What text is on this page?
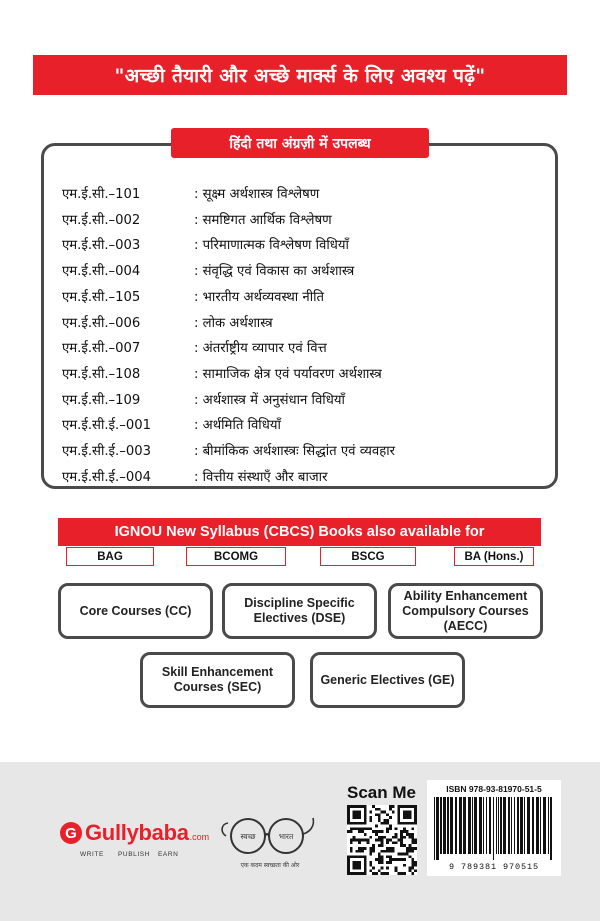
"अच्छी तैयारी और अच्छे मार्क्स के लिए अवश्य पढ़ें"
हिंदी तथा अंग्रज़ी में उपलब्ध
एम.ई.सी.–101	: सूक्ष्म अर्थशास्त्र विश्लेषण
एम.ई.सी.–002	: समष्टिगत आर्थिक विश्लेषण
एम.ई.सी.–003	: परिमाणात्मक विश्लेषण विधियाँ
एम.ई.सी.–004	: संवृद्धि एवं विकास का अर्थशास्त्र
एम.ई.सी.–105	: भारतीय अर्थव्यवस्था नीति
एम.ई.सी.–006	: लोक अर्थशास्त्र
एम.ई.सी.–007	: अंतर्राष्ट्रीय व्यापार एवं वित्त
एम.ई.सी.–108	: सामाजिक क्षेत्र एवं पर्यावरण अर्थशास्त्र
एम.ई.सी.–109	: अर्थशास्त्र में अनुसंधान विधियाँ
एम.ई.सी.ई.–001	: अर्थमिति विधियाँ
एम.ई.सी.ई.–003	: बीमांकिक अर्थशास्त्रः सिद्धांत एवं व्यवहार
एम.ई.सी.ई.–004	: वित्तीय संस्थाएँ और बाजार
IGNOU New Syllabus (CBCS) Books also available for
BAG	BCOMG	BSCG	BA (Hons.)
Core Courses (CC)
Discipline Specific Electives (DSE)
Ability Enhancement Compulsory Courses (AECC)
Skill Enhancement Courses (SEC)
Generic Electives (GE)
G Gullybaba .com
WRITE PUBLISH EARN
स्वच्छ	भारत
एक कदम स्वच्छता की ओर
Scan Me	ISBN 978-93-81970-51-5
9 789381 970515
